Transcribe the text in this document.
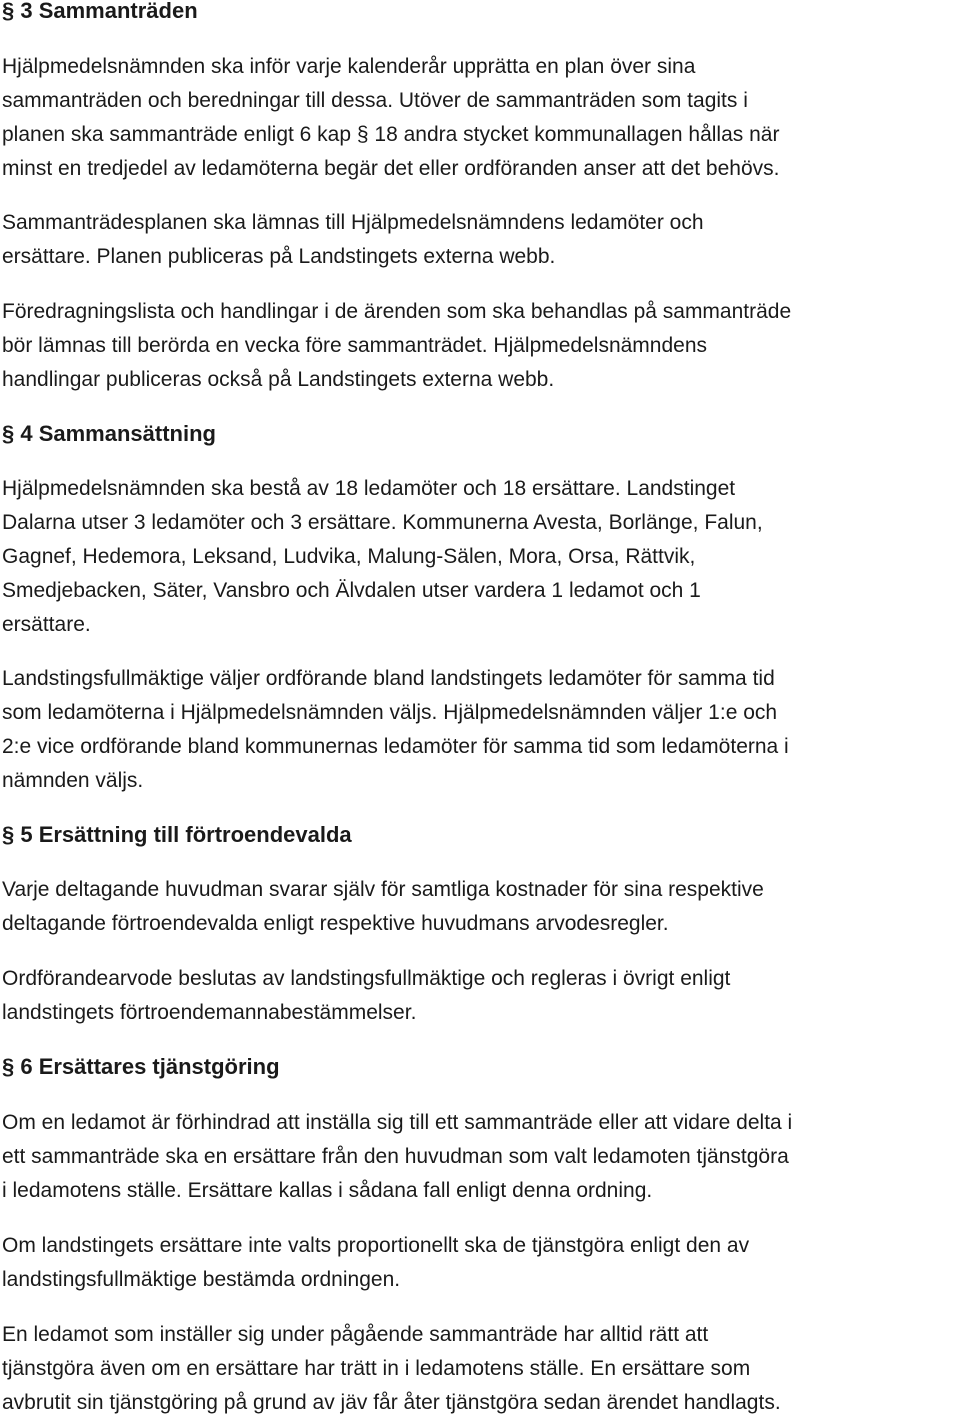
§ 3 Sammanträden
Hjälpmedelsnämnden ska inför varje kalenderår upprätta en plan över sina
sammanträden och beredningar till dessa. Utöver de sammanträden som tagits i
planen ska sammanträde enligt 6 kap § 18 andra stycket kommunallagen hållas när
minst en tredjedel av ledamöterna begär det eller ordföranden anser att det behövs.
Sammanträdesplanen ska lämnas till Hjälpmedelsnämndens ledamöter och
ersättare. Planen publiceras på Landstingets externa webb.
Föredragningslista och handlingar i de ärenden som ska behandlas på sammanträde
bör lämnas till berörda en vecka före sammanträdet. Hjälpmedelsnämndens
handlingar publiceras också på Landstingets externa webb.
§ 4 Sammansättning
Hjälpmedelsnämnden ska bestå av 18 ledamöter och 18 ersättare. Landstinget
Dalarna utser 3 ledamöter och 3 ersättare. Kommunerna Avesta, Borlänge, Falun,
Gagnef, Hedemora, Leksand, Ludvika, Malung-Sälen, Mora, Orsa, Rättvik,
Smedjebacken, Säter, Vansbro och Älvdalen utser vardera 1 ledamot och 1
ersättare.
Landstingsfullmäktige väljer ordförande bland landstingets ledamöter för samma tid
som ledamöterna i Hjälpmedelsnämnden väljs. Hjälpmedelsnämnden väljer 1:e och
2:e vice ordförande bland kommunernas ledamöter för samma tid som ledamöterna i
nämnden väljs.
§ 5 Ersättning till förtroendevalda
Varje deltagande huvudman svarar själv för samtliga kostnader för sina respektive
deltagande förtroendevalda enligt respektive huvudmans arvodesregler.
Ordförandearvode beslutas av landstingsfullmäktige och regleras i övrigt enligt
landstingets förtroendemannabestämmelser.
§ 6 Ersättares tjänstgöring
Om en ledamot är förhindrad att inställa sig till ett sammanträde eller att vidare delta i
ett sammanträde ska en ersättare från den huvudman som valt ledamoten tjänstgöra
i ledamotens ställe. Ersättare kallas i sådana fall enligt denna ordning.
Om landstingets ersättare inte valts proportionellt ska de tjänstgöra enligt den av
landstingsfullmäktige bestämda ordningen.
En ledamot som inställer sig under pågående sammanträde har alltid rätt att
tjänstgöra även om en ersättare har trätt in i ledamotens ställe. En ersättare som
avbrutit sin tjänstgöring på grund av jäv får åter tjänstgöra sedan ärendet handlagts.
